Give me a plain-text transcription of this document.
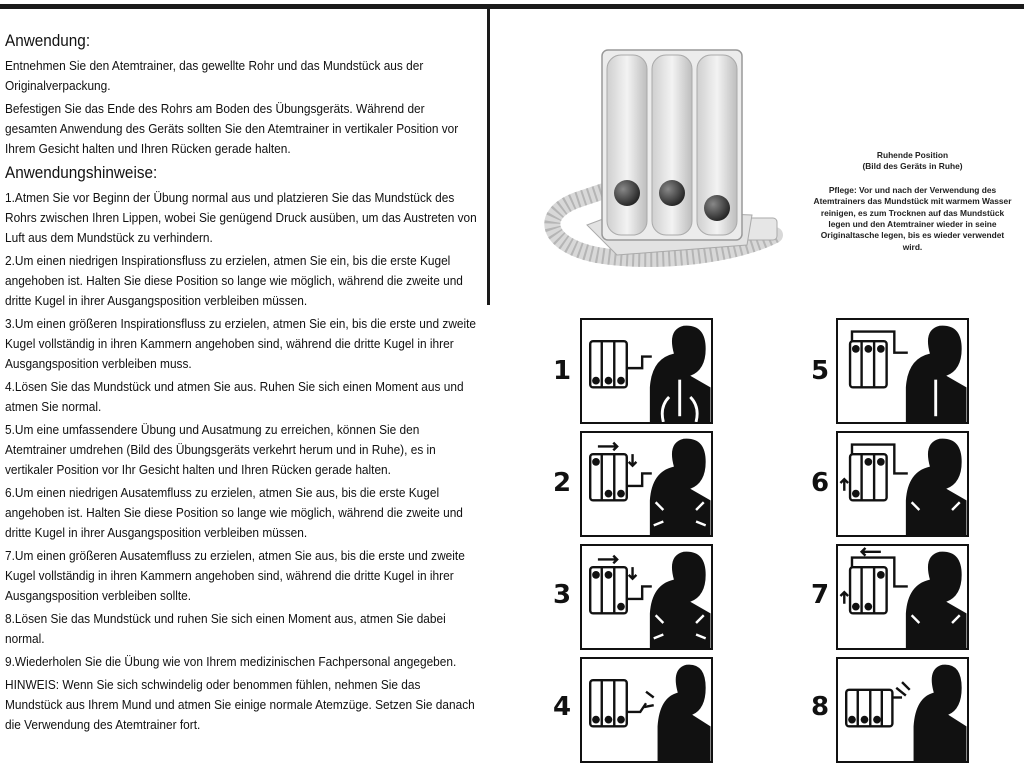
Anwendung:

Entnehmen Sie den Atemtrainer, das gewellte Rohr und das Mundstück aus der Originalverpackung.

Befestigen Sie das Ende des Rohrs am Boden des Übungsgeräts. Während der gesamten Anwendung des Geräts sollten Sie den Atemtrainer in vertikaler Position vor Ihrem Gesicht halten und Ihren Rücken gerade halten.

Anwendungshinweise:

1.Atmen Sie vor Beginn der Übung normal aus und platzieren Sie das Mundstück des Rohrs zwischen Ihren Lippen, wobei Sie genügend Druck ausüben, um das Austreten von Luft aus dem Mundstück zu verhindern.

2.Um einen niedrigen Inspirationsfluss zu erzielen, atmen Sie ein, bis die erste Kugel angehoben ist. Halten Sie diese Position so lange wie möglich, während die zweite und dritte Kugel in ihrer Ausgangsposition verbleiben müssen.

3.Um einen größeren Inspirationsfluss zu erzielen, atmen Sie ein, bis die erste und zweite Kugel vollständig in ihren Kammern angehoben sind, während die dritte Kugel in ihrer Ausgangsposition verbleiben muss.

4.Lösen Sie das Mundstück und atmen Sie aus. Ruhen Sie sich einen Moment aus und atmen Sie normal.

5.Um eine umfassendere Übung und Ausatmung zu erreichen, können Sie den Atemtrainer umdrehen (Bild des Übungsgeräts verkehrt herum und in Ruhe), es in vertikaler Position vor Ihr Gesicht halten und Ihren Rücken gerade halten.

6.Um einen niedrigen Ausatemfluss zu erzielen, atmen Sie aus, bis die erste Kugel angehoben ist. Halten Sie diese Position so lange wie möglich, während die zweite und dritte Kugel in ihrer Ausgangsposition verbleiben müssen.

7.Um einen größeren Ausatemfluss zu erzielen, atmen Sie aus, bis die erste und zweite Kugel vollständig in ihren Kammern angehoben sind, während die dritte Kugel in ihrer Ausgangsposition verbleiben sollte.

8.Lösen Sie das Mundstück und ruhen Sie sich einen Moment aus, atmen Sie dabei normal.

9.Wiederholen Sie die Übung wie von Ihrem medizinischen Fachpersonal angegeben.

HINWEIS: Wenn Sie sich schwindelig oder benommen fühlen, nehmen Sie das Mundstück aus Ihrem Mund und atmen Sie einige normale Atemzüge. Setzen Sie danach die Verwendung des Atemtrainer fort.

Ruhende Position
(Bild des Geräts in Ruhe)
Pflege: Vor und nach der Verwendung des Atemtrainers das Mundstück mit warmem Wasser reinigen, es zum Trocknen auf das Mundstück legen und den Atemtrainer wieder in seine Originaltasche legen, bis es wieder verwendet wird.
1
2
3
4
5
6
7
8
